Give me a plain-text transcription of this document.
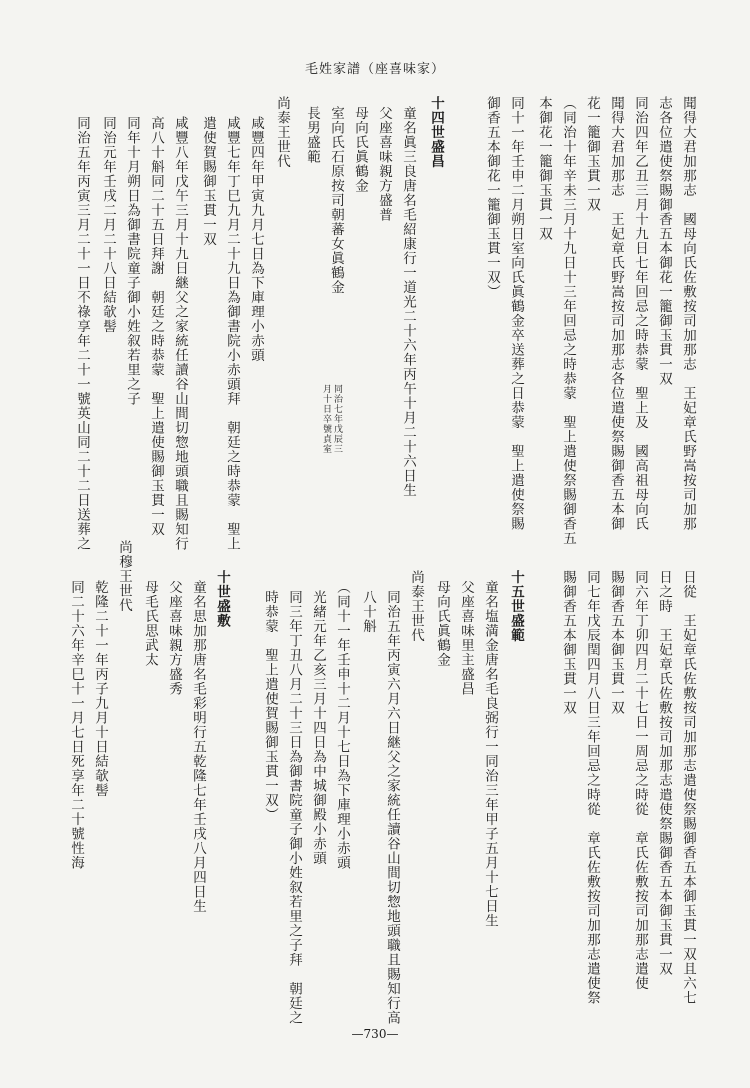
毛姓家譜（座喜味家）
聞得大君加那志　國母向氏佐敷按司加那志　王妃章氏野嵩按司加那
志各位遣使祭賜御香五本御花一籠御玉貫一双
同治四年乙丑三月十九日七年回忌之時恭蒙　聖上及　國高祖母向氏
聞得大君加那志　王妃章氏野嵩按司加那志各位遣使祭賜御香五本御
花一籠御玉貫一双
（同治十年辛未三月十九日十三年回忌之時恭蒙　聖上遣使祭賜御香五
本御花一籠御玉貫一双
同十一年壬申二月朔日室向氏眞鶴金卒送葬之日恭蒙　聖上遣使祭賜
御香五本御花一籠御玉貫一双）
十四世盛昌
童名眞三良唐名毛紹康行一道光二十六年丙午十月二十六日生
父座喜味親方盛普
母向氏眞鶴金
室向氏石原按司朝蕃女眞鶴金
長男盛範
尚泰王世代
咸豐四年甲寅九月七日為下庫理小赤頭
咸豐七年丁巳九月二十九日為御書院小赤頭拜　朝廷之時恭蒙　聖上
遣使賀賜御玉貫一双
咸豐八年戊午三月十九日継父之家統任讀谷山間切惣地頭職且賜知行
高八十斛同二十五日拜謝　朝廷之時恭蒙　聖上遣使賜御玉貫一双
同年十月朔日為御書院童子御小姓叙若里之子
同治元年壬戌二月二十八日結欹髻
同治五年丙寅三月二十一日不祿享年二十一號英山同二十二日送葬之
日從　王妃章氏佐敷按司加那志遣使祭賜御香五本御玉貫一双且六七
日之時　王妃章氏佐敷按司加那志遣使祭賜御香五本御玉貫一双
同六年丁卯四月二十七日一周忌之時從　章氏佐敷按司加那志遣使
賜御香五本御玉貫一双
同七年戊辰閏四月八日三年回忌之時從　章氏佐敷按司加那志遣使祭
賜御香五本御玉貫一双
十五世盛範
童名塩満金唐名毛良弼行一同治三年甲子五月十七日生
父座喜味里主盛昌
母向氏眞鶴金
尚泰王世代
同治五年丙寅六月六日継父之家統任讀谷山間切惣地頭職且賜知行高
八十斛
（同十一年壬申十二月十七日為下庫理小赤頭
光緒元年乙亥三月十四日為中城御殿小赤頭
同三年丁丑八月二十三日為御書院童子御小姓叙若里之子拜　朝廷之
時恭蒙　聖上遣使賀賜御玉貫一双）
十世盛敷
童名思加那唐名毛彩明行五乾隆七年壬戌八月四日生
父座喜味親方盛秀
母毛氏思武太
尚穆王世代
乾隆二十一年丙子九月十日結欹髻
同二十六年辛巳十一月七日死享年二十號性海
同治七年戊辰三
月十日卒號貞室
—730—
